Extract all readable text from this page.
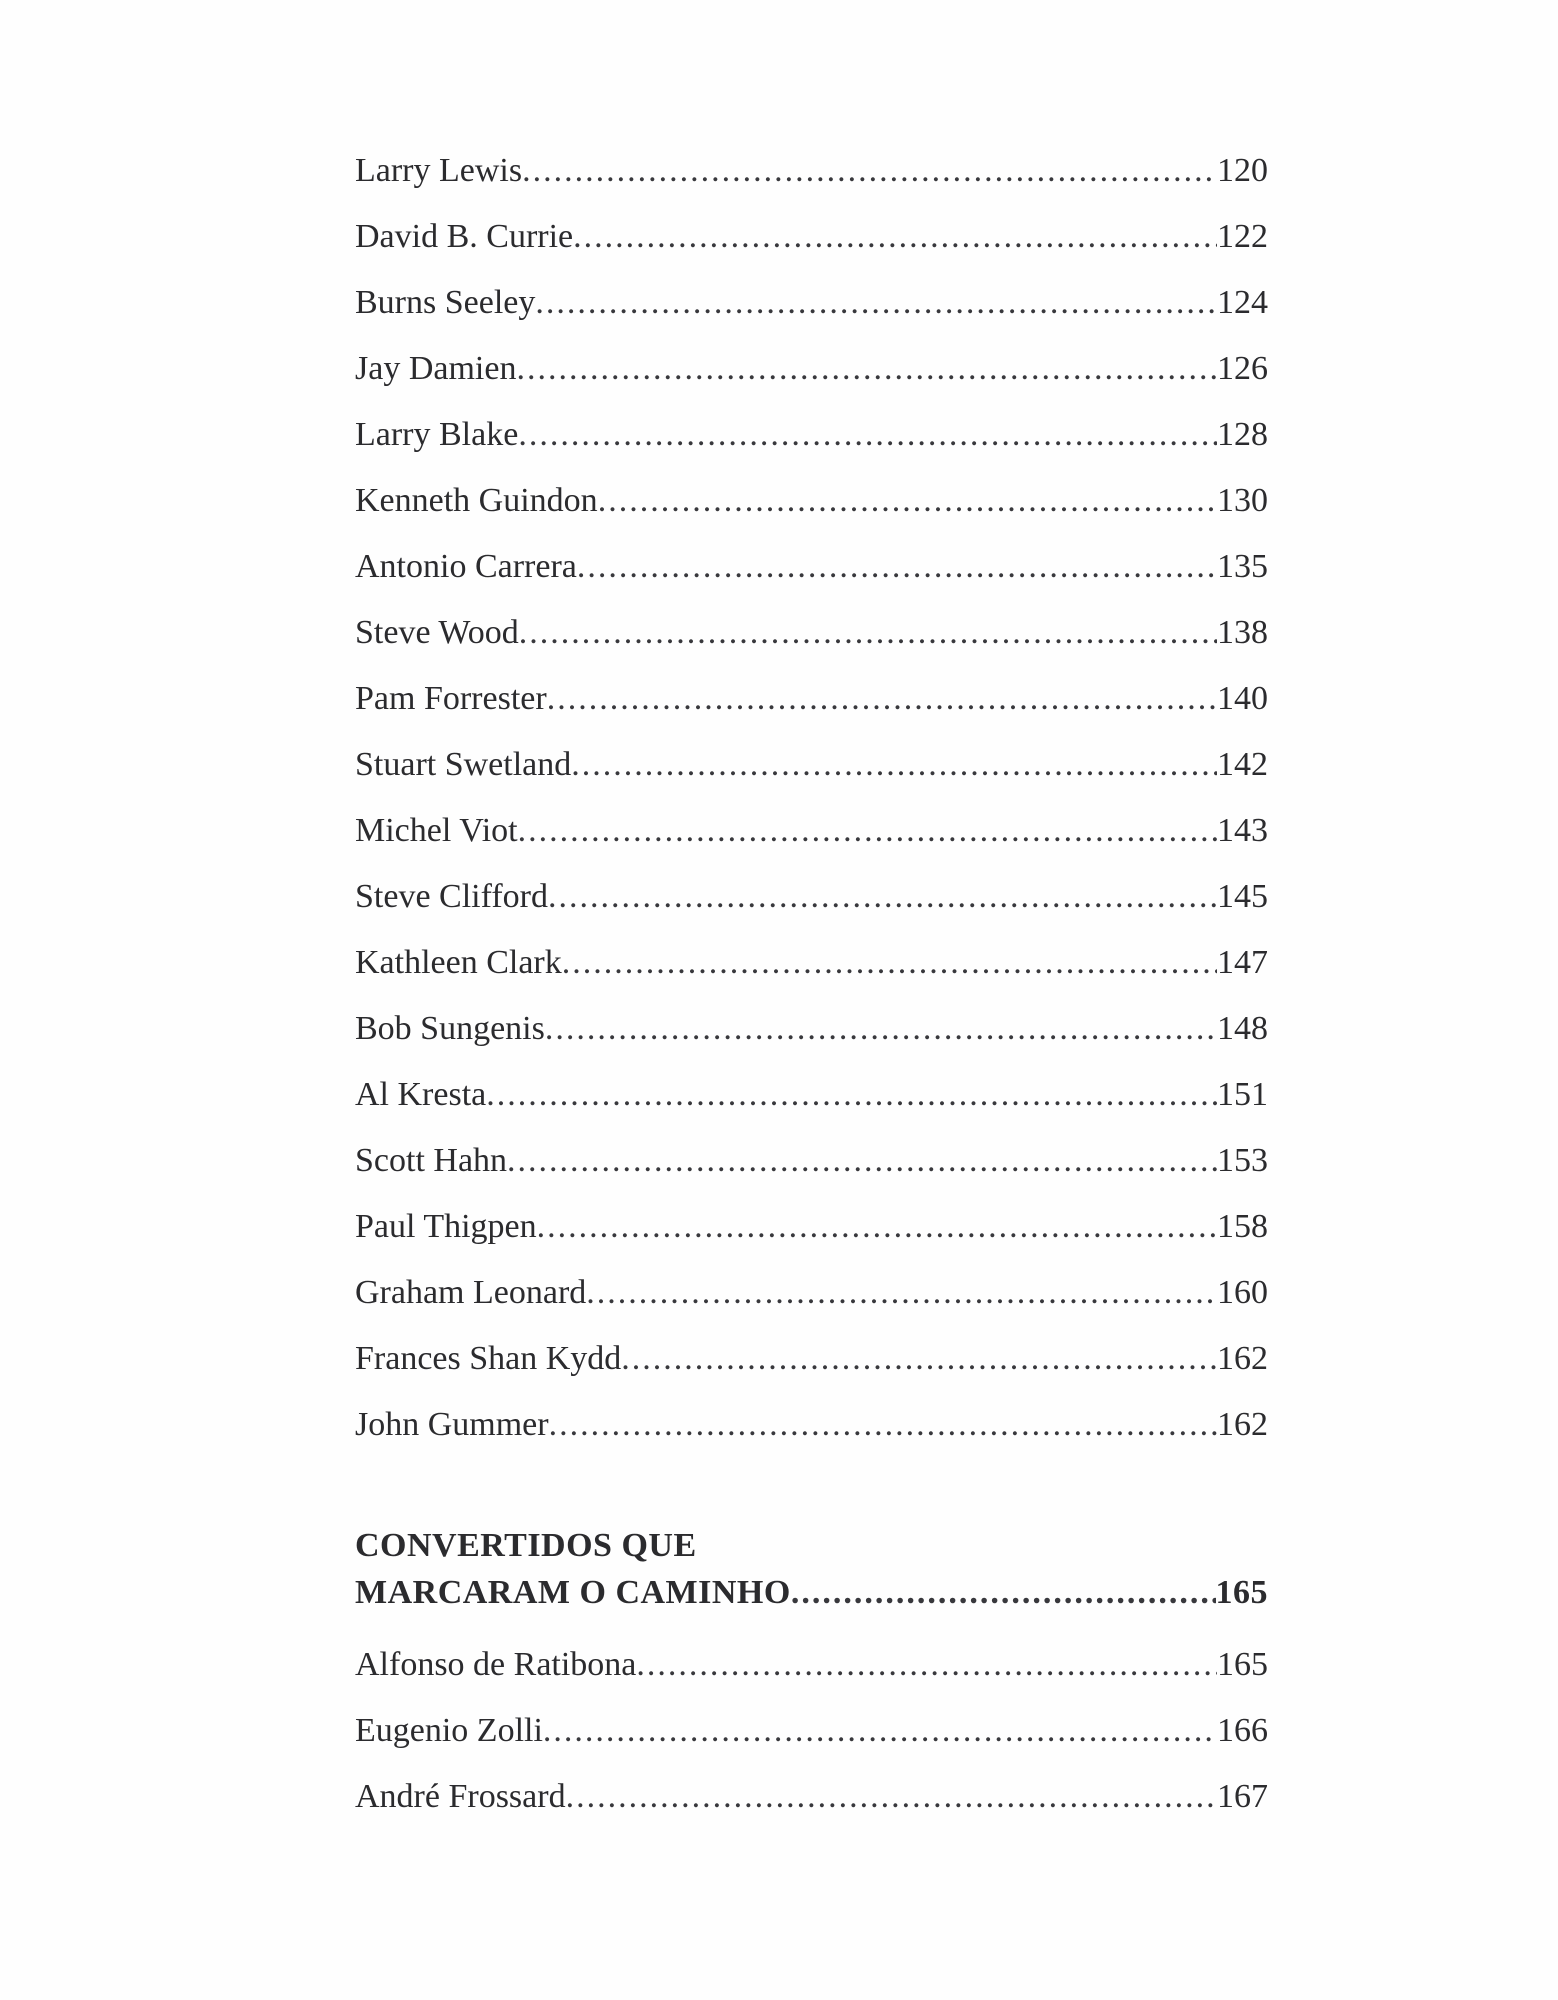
Larry Lewis .....	120
David B. Currie .....	122
Burns Seeley .....	124
Jay Damien .....	126
Larry Blake .....	128
Kenneth Guindon .....	130
Antonio Carrera .....	135
Steve Wood .....	138
Pam Forrester .....	140
Stuart Swetland .....	142
Michel Viot .....	143
Steve Clifford .....	145
Kathleen Clark .....	147
Bob Sungenis .....	148
Al Kresta .....	151
Scott Hahn .....	153
Paul Thigpen .....	158
Graham Leonard .....	160
Frances Shan Kydd .....	162
John Gummer .....	162
CONVERTIDOS QUE
MARCARAM O CAMINHO .....	165
Alfonso de Ratibona .....	165
Eugenio Zolli .....	166
André Frossard .....	167
